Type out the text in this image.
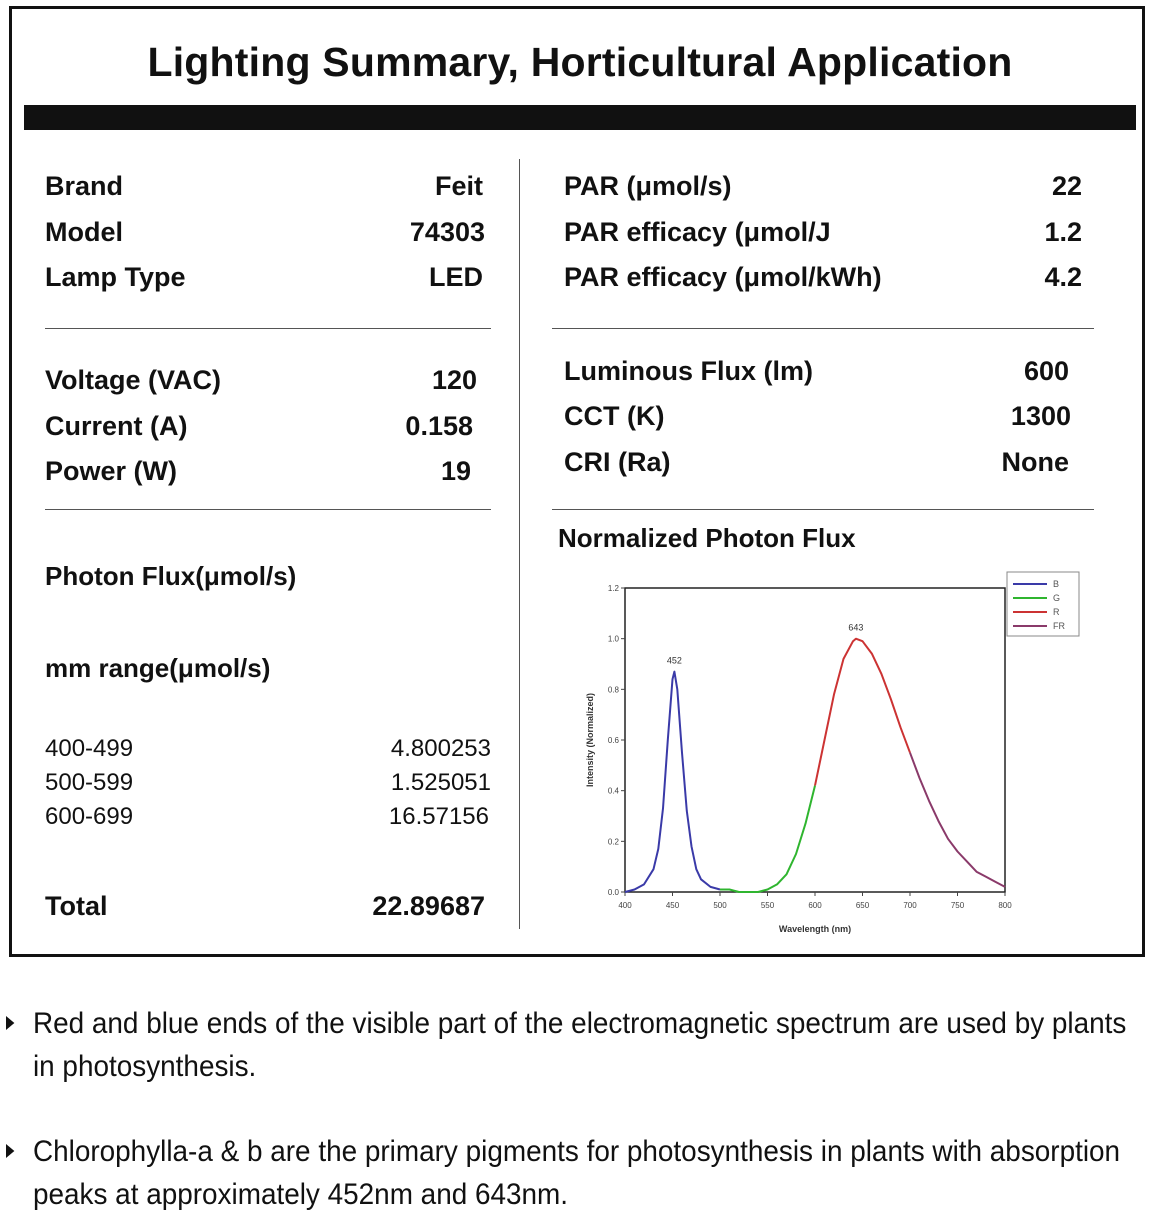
Lighting Summary, Horticultural Application
Brand	Feit
Model	74303
Lamp Type	LED
Voltage (VAC)	120
Current (A)	0.158
Power (W)	19
Photon Flux(μmol/s)
mm range(μmol/s)
400-499	4.800253
500-599	1.525051
600-699	16.57156
Total	22.89687
PAR (μmol/s)	22
PAR efficacy (μmol/J	1.2
PAR efficacy (μmol/kWh)	4.2
Luminous Flux (lm)	600
CCT (K)	1300
CRI (Ra)	None
Normalized Photon Flux
400	450	500	550	600	650	700	750	800
0.0
0.2
0.4
0.6
0.8
1.0
1.2
Wavelength (nm)
Intensity (Normalized)
452
643
B
G
R
FR
Red and blue ends of the visible part of the electromagnetic spectrum are used by plants in photosynthesis.
Chlorophylla-a & b are the primary pigments for photosynthesis in plants with absorption peaks at approximately 452nm and 643nm.
